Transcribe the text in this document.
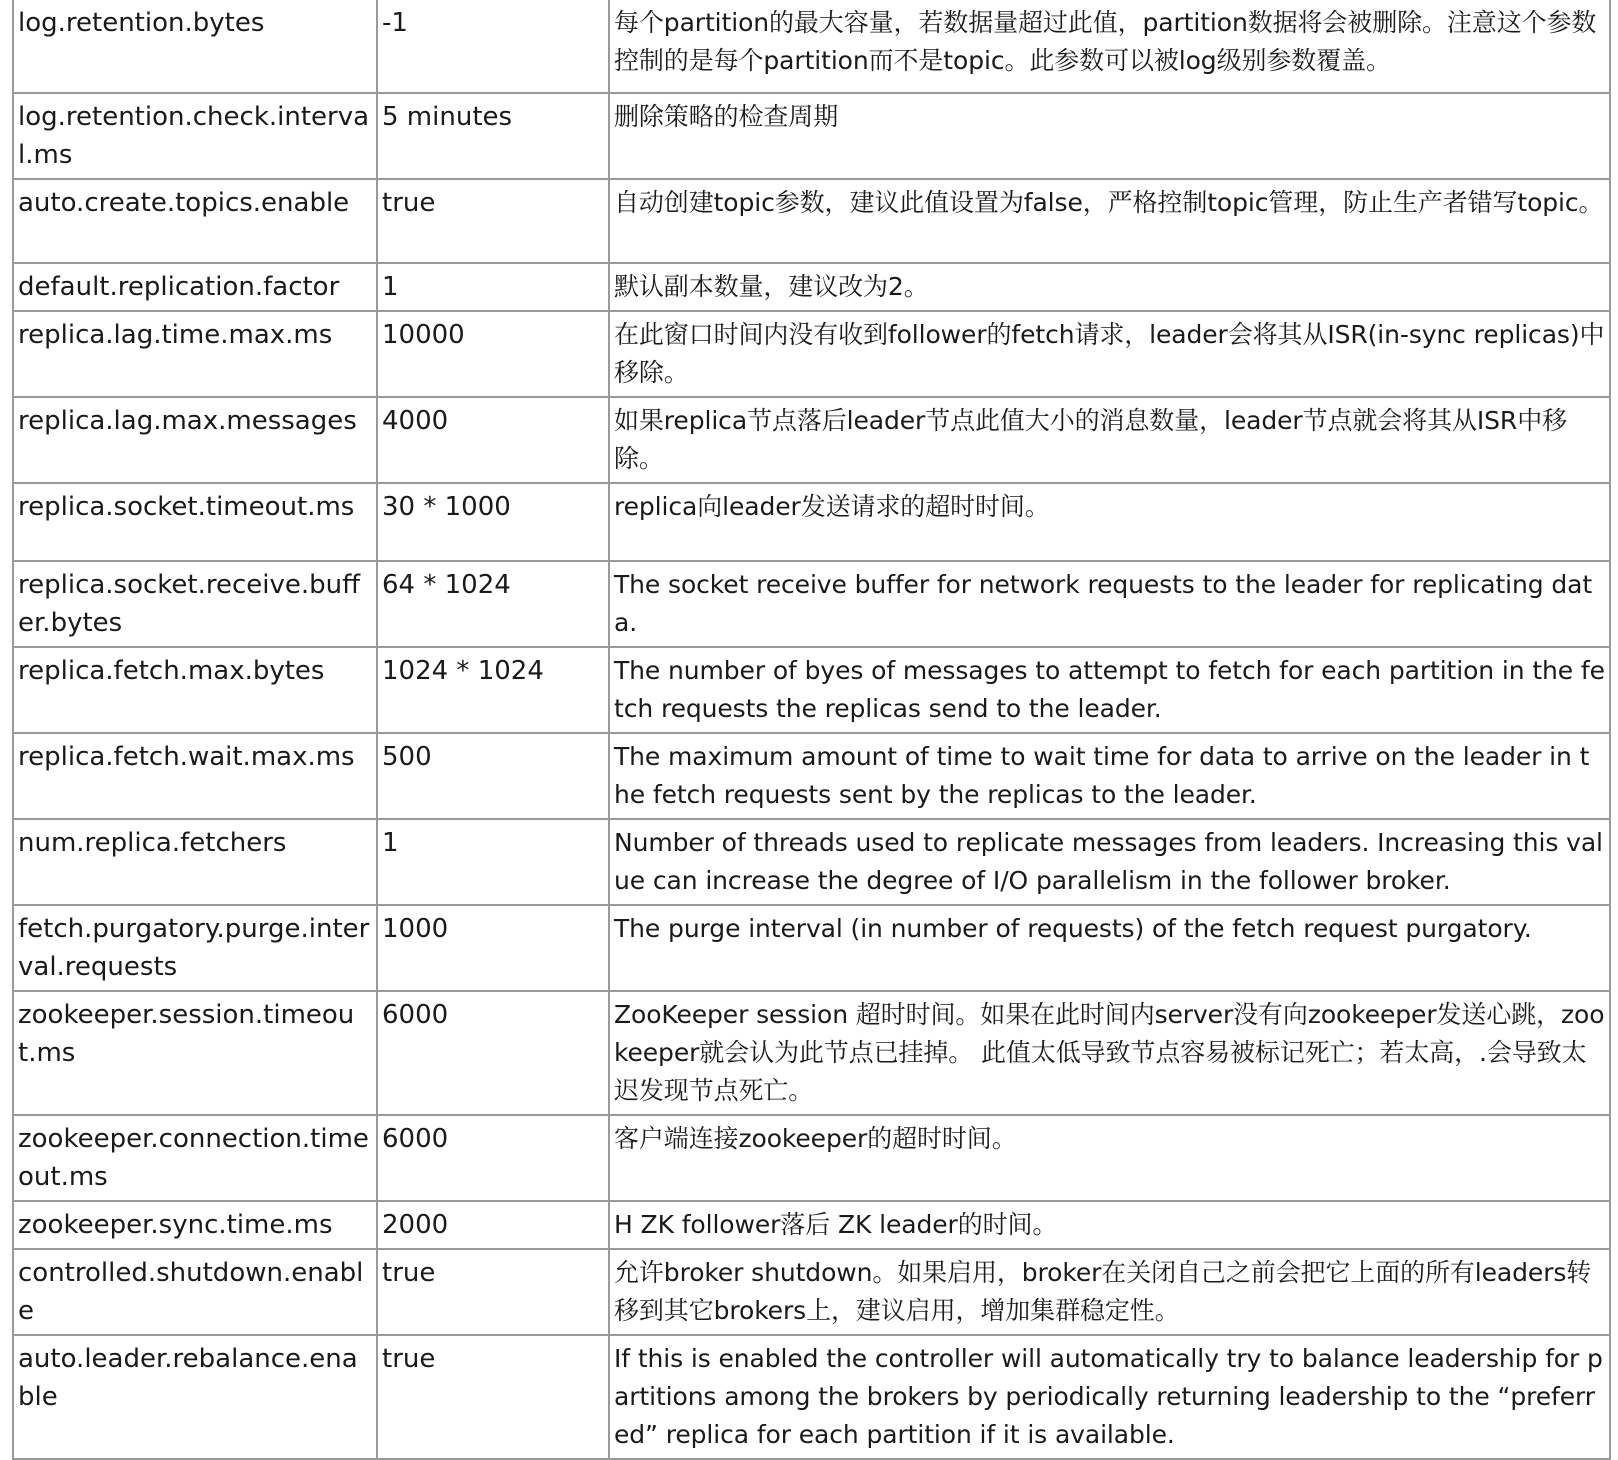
log.retention.bytes	-1	每个partition的最大容量，若数据量超过此值，partition数据将会被删除。注意这个参数控制的是每个partition而不是topic。此参数可以被log级别参数覆盖。
log.retention.check.interval.ms	5 minutes	删除策略的检查周期
auto.create.topics.enable	true	自动创建topic参数，建议此值设置为false，严格控制topic管理，防止生产者错写topic。
default.replication.factor	1	默认副本数量，建议改为2。
replica.lag.time.max.ms	10000	在此窗口时间内没有收到follower的fetch请求，leader会将其从ISR(in-sync replicas)中移除。
replica.lag.max.messages	4000	如果replica节点落后leader节点此值大小的消息数量，leader节点就会将其从ISR中移除。
replica.socket.timeout.ms	30 * 1000	replica向leader发送请求的超时时间。
replica.socket.receive.buffer.bytes	64 * 1024	The socket receive buffer for network requests to the leader for replicating data.
replica.fetch.max.bytes	1024 * 1024	The number of byes of messages to attempt to fetch for each partition in the fetch requests the replicas send to the leader.
replica.fetch.wait.max.ms	500	The maximum amount of time to wait time for data to arrive on the leader in the fetch requests sent by the replicas to the leader.
num.replica.fetchers	1	Number of threads used to replicate messages from leaders. Increasing this value can increase the degree of I/O parallelism in the follower broker.
fetch.purgatory.purge.interval.requests	1000	The purge interval (in number of requests) of the fetch request purgatory.
zookeeper.session.timeout.ms	6000	ZooKeeper session 超时时间。如果在此时间内server没有向zookeeper发送心跳，zookeeper就会认为此节点已挂掉。 此值太低导致节点容易被标记死亡；若太高，.会导致太迟发现节点死亡。
zookeeper.connection.timeout.ms	6000	客户端连接zookeeper的超时时间。
zookeeper.sync.time.ms	2000	H ZK follower落后 ZK leader的时间。
controlled.shutdown.enable	true	允许broker shutdown。如果启用，broker在关闭自己之前会把它上面的所有leaders转移到其它brokers上，建议启用，增加集群稳定性。
auto.leader.rebalance.enable	true	If this is enabled the controller will automatically try to balance leadership for partitions among the brokers by periodically returning leadership to the “preferred” replica for each partition if it is available.
